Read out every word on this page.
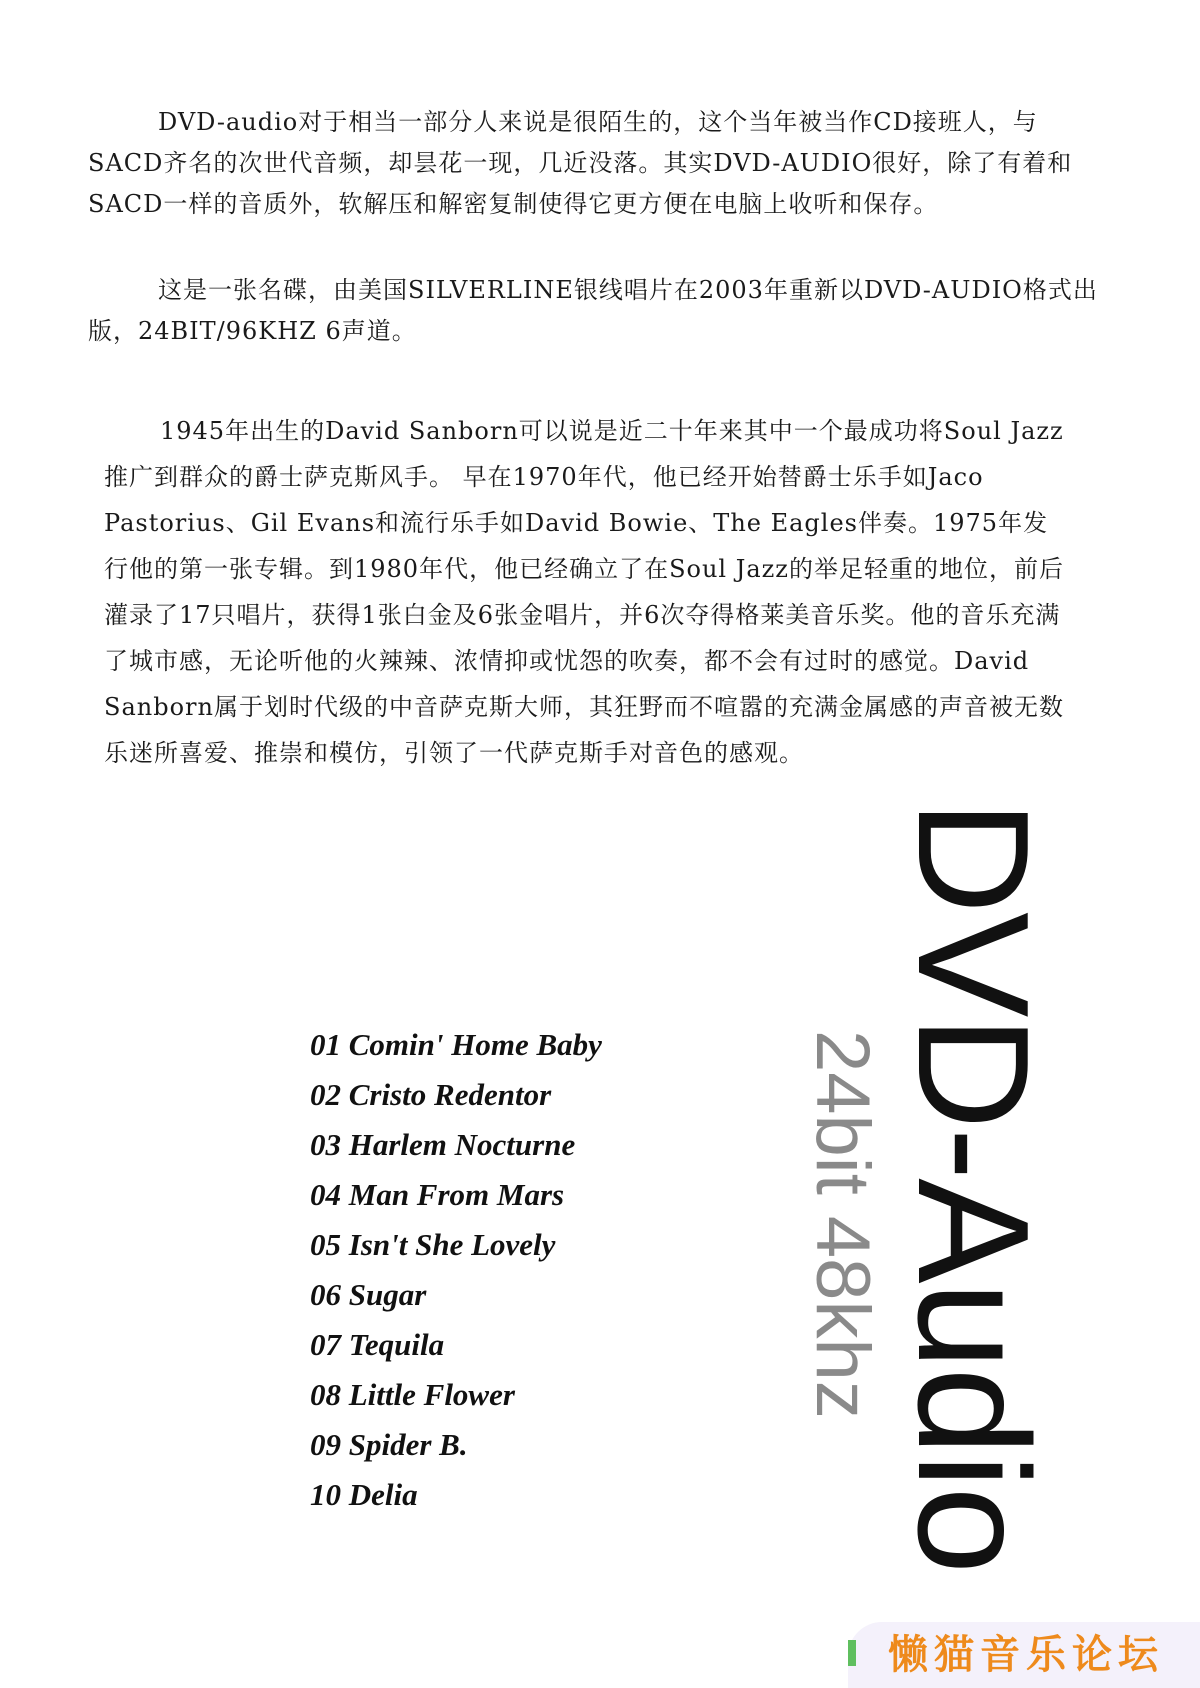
DVD-audio对于相当一部分人来说是很陌生的，这个当年被当作CD接班人，与SACD齐名的次世代音频，却昙花一现，几近没落。其实DVD-AUDIO很好，除了有着和SACD一样的音质外，软解压和解密复制使得它更方便在电脑上收听和保存。

这是一张名碟，由美国SILVERLINE银线唱片在2003年重新以DVD-AUDIO格式出版，24BIT/96KHZ 6声道。

1945年出生的David Sanborn可以说是近二十年来其中一个最成功将Soul Jazz推广到群众的爵士萨克斯风手。 早在1970年代，他已经开始替爵士乐手如Jaco Pastorius、Gil Evans和流行乐手如David Bowie、The Eagles伴奏。1975年发行他的第一张专辑。到1980年代，他已经确立了在Soul Jazz的举足轻重的地位，前后灌录了17只唱片，获得1张白金及6张金唱片，并6次夺得格莱美音乐奖。他的音乐充满了城市感，无论听他的火辣辣、浓情抑或忧怨的吹奏，都不会有过时的感觉。David Sanborn属于划时代级的中音萨克斯大师，其狂野而不喧嚣的充满金属感的声音被无数乐迷所喜爱、推崇和模仿，引领了一代萨克斯手对音色的感观。

01 Comin' Home Baby
02 Cristo Redentor
03 Harlem Nocturne
04 Man From Mars
05 Isn't She Lovely
06 Sugar
07 Tequila
08 Little Flower
09 Spider B.
10 Delia	DVD-Audio
24bit 48khz
懒猫音乐论坛
